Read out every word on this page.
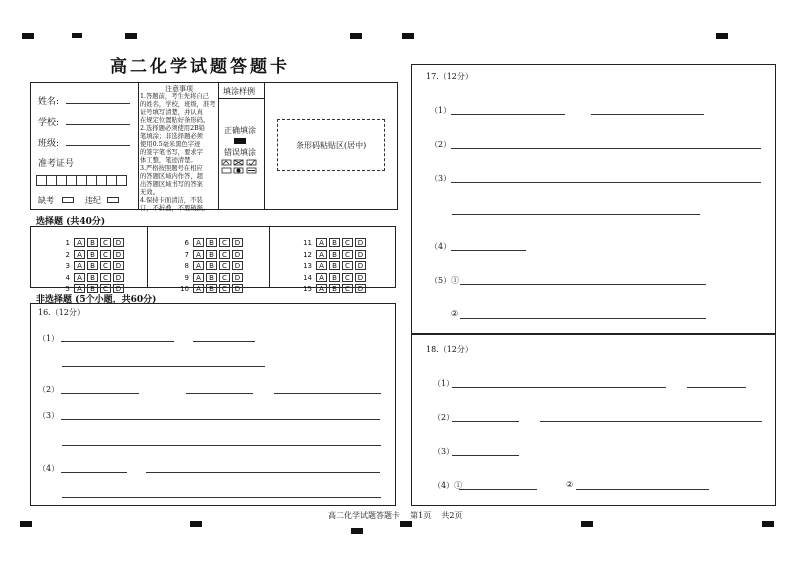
高二化学试题答题卡
姓名:
学校:
班级:
准考证号
缺考	违纪

注意事项

1.答题前，考生先将自己

的姓名，学校，班级，准考

证号填写清楚，并认真

在规定位置贴好条形码。

2.选择题必须使用2B铅

笔填涂；非选择题必须

使用0.5毫米黑色字迹

的签字笔书写，要求字

体工整，笔迹清楚。

3.严格按照题号在相应

的答题区域内作答，超

出答题区域书写的答案

无效。

4.保持卡面清洁，不装

订，不折叠，不要破损。

填涂样例
正确填涂
错误填涂
条形码粘贴区(居中)
选择题 (共40分)
1 A B C D
2 A B C D
3 A B C D
4 A B C D
5 A B C D
6 A B C D
7 A B C D
8 A B C D
9 A B C D
10 A B C D
11 A B C D
12 A B C D
13 A B C D
14 A B C D
15 A B C D
非选择题 (5个小题，共60分)
16.（12分）
（1）
（2）
（3）
（4）
17.（12分）
（1）
（2）
（3）
（4）
（5）①
②
18.（12分）
（1）
（2）
（3）
（4）①	②
高二化学试题答题卡    第1页    共2页
